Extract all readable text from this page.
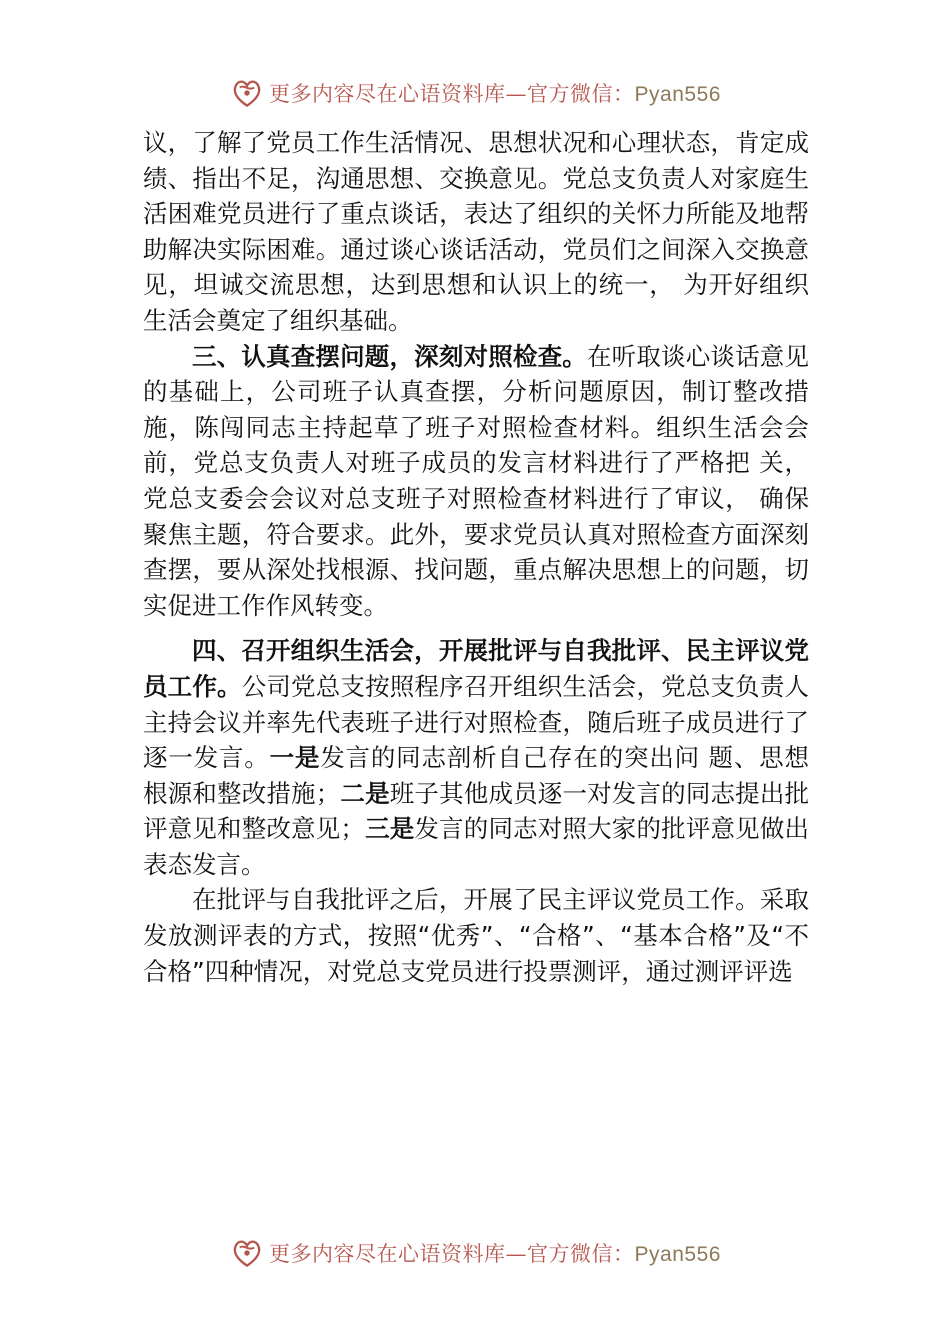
更多内容尽在心语资料库—官方微信：Pyan556

议，了解了党员工作生活情况、思想状况和心理状态，肯定成绩、指出不足，沟通思想、交换意见。党总支负责人对家庭生活困难党员进行了重点谈话，表达了组织的关怀力所能及地帮助解决实际困难。通过谈心谈话活动，党员们之间深入交换意见，坦诚交流思想，达到思想和认识上的统一， 为开好组织生活会奠定了组织基础。

三、认真查摆问题，深刻对照检查。在听取谈心谈话意见的基础上，公司班子认真查摆，分析问题原因，制订整改措施，陈闯同志主持起草了班子对照检查材料。组织生活会会前，党总支负责人对班子成员的发言材料进行了严格把 关，党总支委会会议对总支班子对照检查材料进行了审议， 确保聚焦主题，符合要求。此外，要求党员认真对照检查方面深刻查摆，要从深处找根源、找问题，重点解决思想上的问题，切实促进工作作风转变。

四、召开组织生活会，开展批评与自我批评、民主评议党员工作。公司党总支按照程序召开组织生活会，党总支负责人主持会议并率先代表班子进行对照检查，随后班子成员进行了逐一发言。一是发言的同志剖析自己存在的突出问 题、思想根源和整改措施；二是班子其他成员逐一对发言的同志提出批评意见和整改意见；三是发言的同志对照大家的批评意见做出表态发言。

在批评与自我批评之后，开展了民主评议党员工作。采取发放测评表的方式，按照“优秀”、“合格”、“基本合格”及“不合格”四种情况，对党总支党员进行投票测评，通过测评评选

更多内容尽在心语资料库—官方微信：Pyan556
